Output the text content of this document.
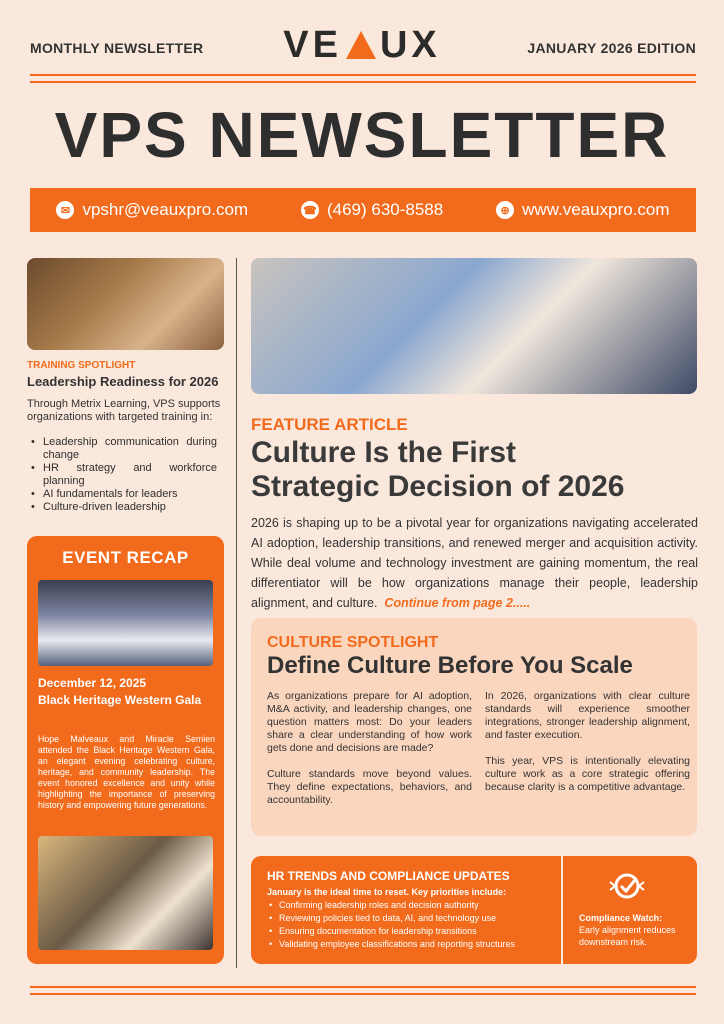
MONTHLY NEWSLETTER	VE UX	JANUARY 2026 EDITION
VPS NEWSLETTER
✉ vpshr@veauxpro.com	☎ (469) 630-8588	⊕ www.veauxpro.com
TRAINING SPOTLIGHT
Leadership Readiness for 2026
Through Metrix Learning, VPS supports organizations with targeted training in:
• Leadership communication during change
• HR strategy and workforce planning
• AI fundamentals for leaders
• Culture-driven leadership
EVENT RECAP
December 12, 2025
Black Heritage Western Gala
Hope Malveaux and Miracle Semien attended the Black Heritage Western Gala, an elegant evening celebrating culture, heritage, and community leadership. The event honored excellence and unity while highlighting the importance of preserving history and empowering future generations.
FEATURE ARTICLE
Culture Is the First
Strategic Decision of 2026
2026 is shaping up to be a pivotal year for organizations navigating accelerated AI adoption, leadership transitions, and renewed merger and acquisition activity. While deal volume and technology investment are gaining momentum, the real differentiator will be how organizations manage their people, leadership alignment, and culture. Continue from page 2.....
CULTURE SPOTLIGHT
Define Culture Before You Scale

As organizations prepare for AI adoption, M&A activity, and leadership changes, one question matters most: Do your leaders share a clear understanding of how work gets done and decisions are made?

Culture standards move beyond values. They define expectations, behaviors, and accountability.

In 2026, organizations with clear culture standards will experience smoother integrations, stronger leadership alignment, and faster execution.

This year, VPS is intentionally elevating culture work as a core strategic offering because clarity is a competitive advantage.

HR TRENDS AND COMPLIANCE UPDATES
January is the ideal time to reset. Key priorities include:
• Confirming leadership roles and decision authority
• Reviewing policies tied to data, AI, and technology use
• Ensuring documentation for leadership transitions
• Validating employee classifications and reporting structures
Compliance Watch: Early alignment reduces downstream risk.
